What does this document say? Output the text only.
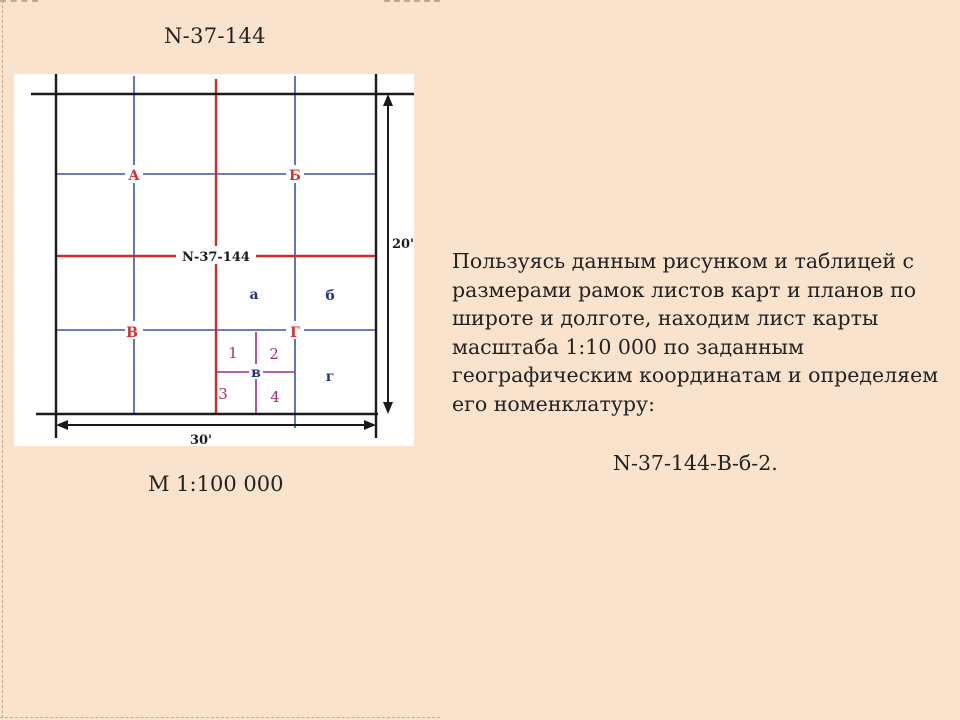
N-37-144
N-37-144
А	Б
В	Г
а	б
в	г
1 2
3	4
20'
30'
М 1:100 000

Пользуясь данным рисунком и таблицей с размерами рамок листов карт и планов по широте и долготе, находим лист карты масштаба 1:10 000 по заданным географическим координатам и определяем его номенклатуру:

N-37-144-В-б-2.
